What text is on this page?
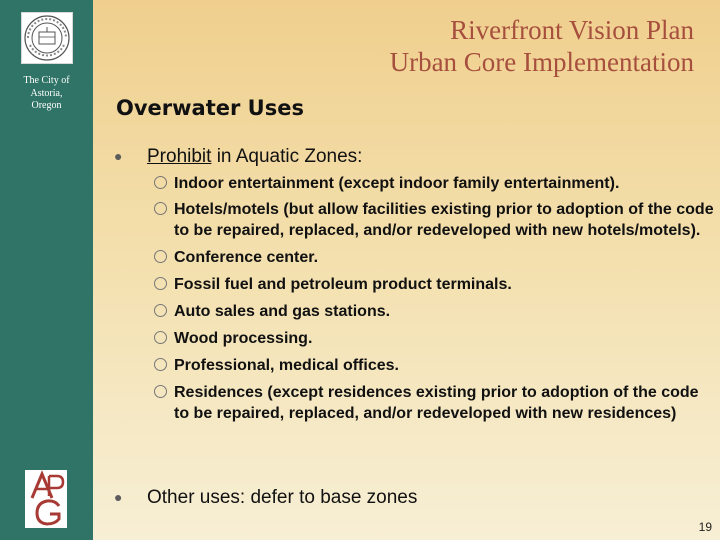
The City of
Astoria,
Oregon
Riverfront Vision Plan
Urban Core Implementation
Overwater Uses
● Prohibit in Aquatic Zones:
Indoor entertainment (except indoor family entertainment).
Hotels/motels (but allow facilities existing prior to adoption of the code to be repaired, replaced, and/or redeveloped with new hotels/motels).
Conference center.
Fossil fuel and petroleum product terminals.
Auto sales and gas stations.
Wood processing.
Professional, medical offices.
Residences (except residences existing prior to adoption of the code to be repaired, replaced, and/or redeveloped with new residences)
● Other uses: defer to base zones
19
